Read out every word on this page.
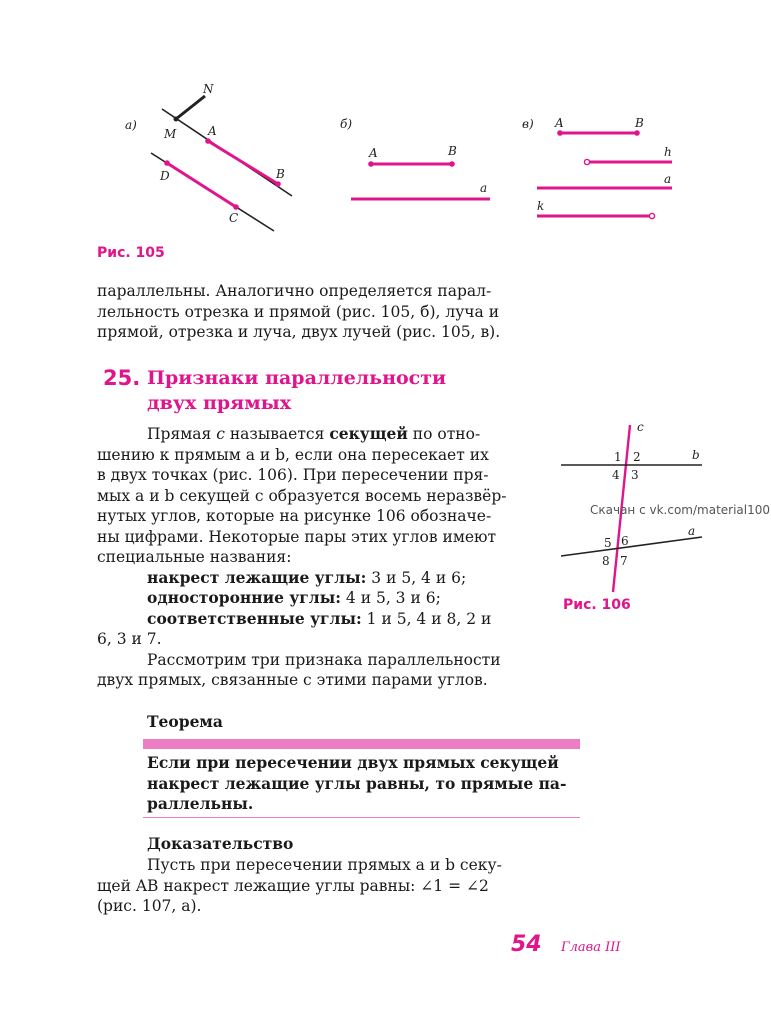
а)
N
M	A
B
D
C
б)
A	B
a
в) A	B
h
a
k
c
b
a
1 2
3
4
5 6
7
8
Рис. 105
параллельны. Аналогично определяется парал-
лельность отрезка и прямой (рис. 105, б), луча и
прямой, отрезка и луча, двух лучей (рис. 105, в).
25. Признаки параллельности
двух прямых
Прямая c называется секущей по отно-
шению к прямым a и b, если она пересекает их
в двух точках (рис. 106). При пересечении пря-
мых a и b секущей c образуется восемь неразвёр-
нутых углов, которые на рисунке 106 обозначе-
ны цифрами. Некоторые пары этих углов имеют
специальные названия:
накрест лежащие углы: 3 и 5, 4 и 6;
односторонние углы: 4 и 5, 3 и 6;
соответственные углы: 1 и 5, 4 и 8, 2 и
6, 3 и 7.
Рассмотрим три признака параллельности
двух прямых, связанные с этими парами углов.
Скачан с vk.com/material100
Рис. 106
Теорема
Если при пересечении двух прямых секущей
накрест лежащие углы равны, то прямые па-
раллельны.
Доказательство
Пусть при пересечении прямых a и b секу-
щей AB накрест лежащие углы равны: ∠1 = ∠2
(рис. 107, а).
54 Глава III
